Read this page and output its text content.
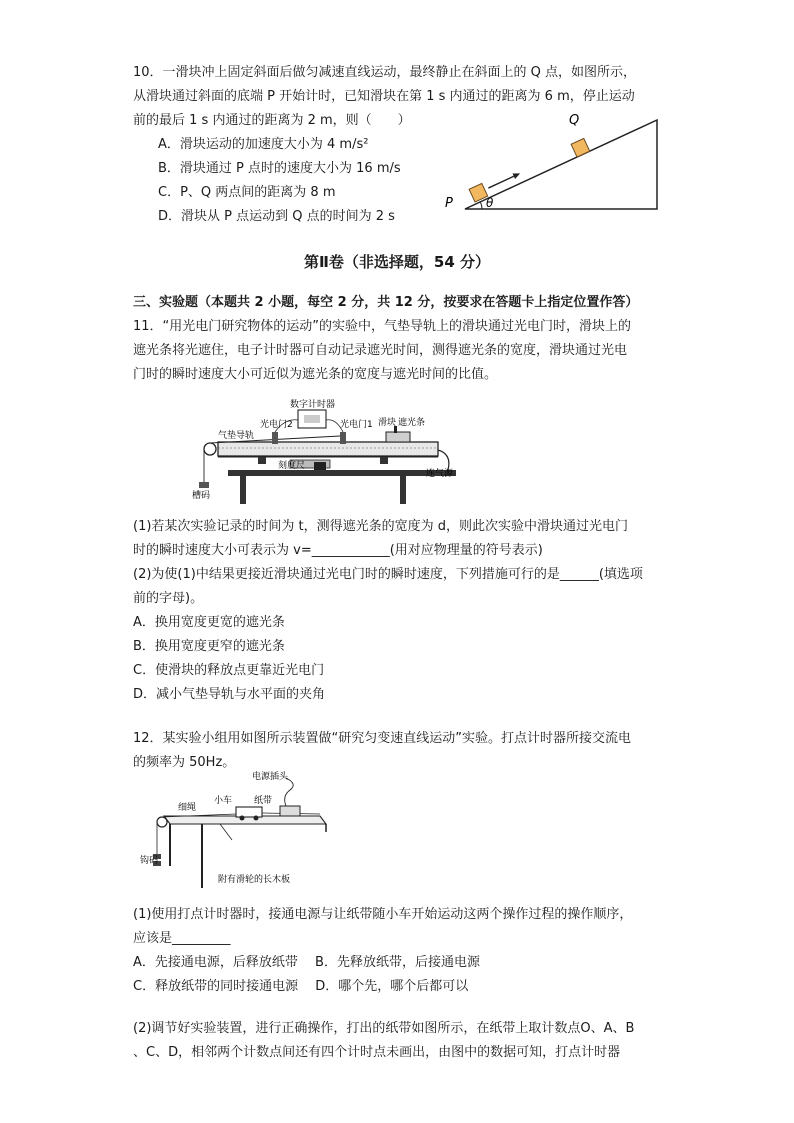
10．一滑块冲上固定斜面后做匀减速直线运动，最终静止在斜面上的 Q 点，如图所示，
从滑块通过斜面的底端 P 开始计时，已知滑块在第 1 s 内通过的距离为 6 m，停止运动
前的最后 1 s 内通过的距离为 2 m，则（　　）
A．滑块运动的加速度大小为 4 m/s²
B．滑块通过 P 点时的速度大小为 16 m/s
C．P、Q 两点间的距离为 8 m
D．滑块从 P 点运动到 Q 点的时间为 2 s
P
Q
θ
第Ⅱ卷（非选择题，54 分）
三、实验题（本题共 2 小题，每空 2 分，共 12 分，按要求在答题卡上指定位置作答）
11．“用光电门研究物体的运动”的实验中，气垫导轨上的滑块通过光电门时，滑块上的
遮光条将光遮住，电子计时器可自动记录遮光时间，测得遮光条的宽度，滑块通过光电
门时的瞬时速度大小可近似为遮光条的宽度与遮光时间的比值。
数字计时器
光电门2	光电门1 滑块 遮光条
气垫导轨
刻度尺
槽码
连气源
(1)若某次实验记录的时间为 t，测得遮光条的宽度为 d，则此次实验中滑块通过光电门
时的瞬时速度大小可表示为 v=____________(用对应物理量的符号表示)
(2)为使(1)中结果更接近滑块通过光电门时的瞬时速度，下列措施可行的是______(填选项
前的字母)。
A．换用宽度更宽的遮光条
B．换用宽度更窄的遮光条
C．使滑块的释放点更靠近光电门
D．减小气垫导轨与水平面的夹角
12．某实验小组用如图所示装置做“研究匀变速直线运动”实验。打点计时器所接交流电
的频率为 50Hz。
电源插头
细绳
小车 纸带
钩码
附有滑轮的长木板
(1)使用打点计时器时，接通电源与让纸带随小车开始运动这两个操作过程的操作顺序，
应该是_________
A．先接通电源，后释放纸带　 B．先释放纸带，后接通电源
C．释放纸带的同时接通电源　 D．哪个先，哪个后都可以
(2)调节好实验装置，进行正确操作，打出的纸带如图所示，在纸带上取计数点O、A、B
、C、D，相邻两个计数点间还有四个计时点未画出，由图中的数据可知，打点计时器
